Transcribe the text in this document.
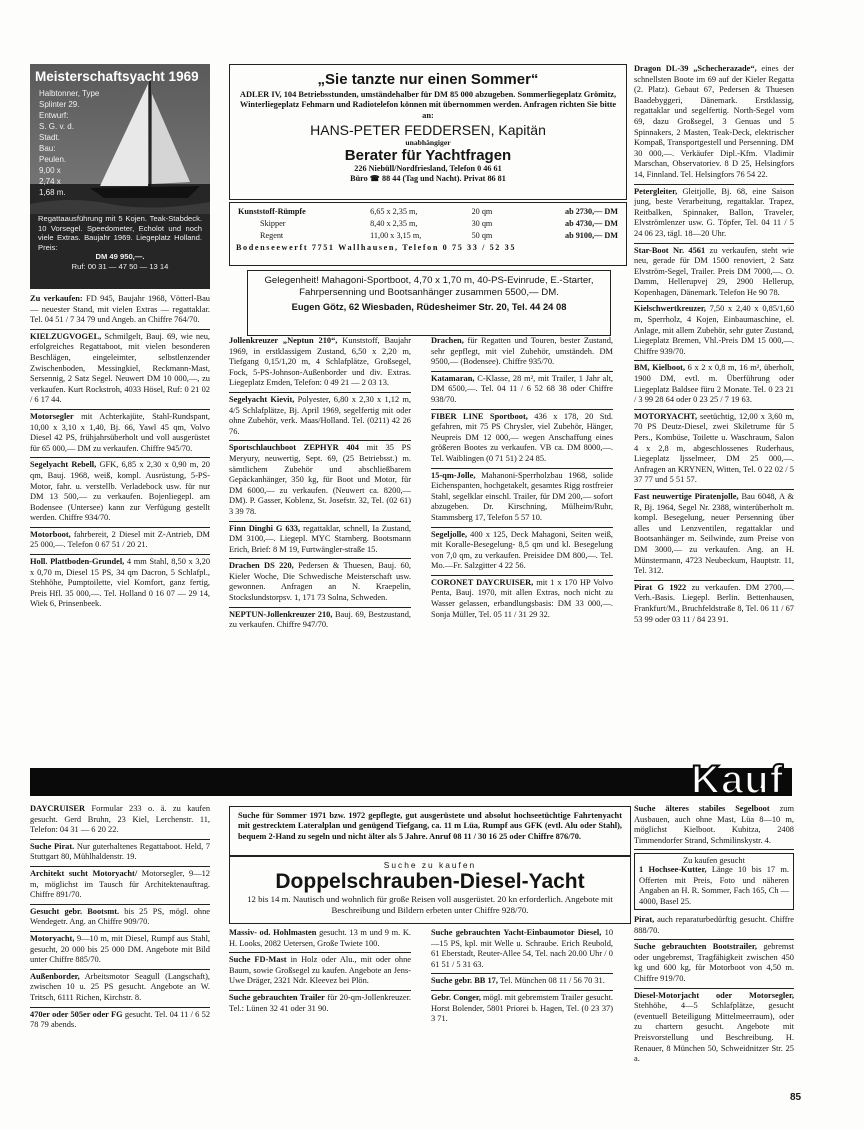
Meisterschaftsyacht 1969
Halbtonner, Type
Splinter 29.
Entwurf:
S. G. v. d.
Stadt.
Bau:
Peulen.
9,00 x
2,74 x
1,68 m.
Regattaausführung mit 5 Kojen. Teak-Stabdeck. 10 Vorsegel. Speedometer, Echolot und noch viele Extras. Baujahr 1969. Liegeplatz Holland. Preis:
DM 49 950,—.
Ruf: 00 31 — 47 50 — 13 14

Zu verkaufen: FD 945, Baujahr 1968, Vötterl-Bau — neuester Stand, mit vielen Extras — regattaklar. Tel. 04 51 / 7 34 79 und Angeb. an Chiffre 764/70.

KIELZUGVOGEL, Schmilgelt, Bauj. 69, wie neu, erfolgreiches Regattaboot, mit vielen besonderen Beschlägen, eingeleimter, selbstlenzender Zwischenboden, Messingkiel, Reckmann-Mast, Sersennig, 2 Satz Segel. Neuwert DM 10 000,—, zu verkaufen. Kurt Rockstroh, 4033 Hösel, Ruf: 0 21 02 / 6 17 44.

Motorsegler mit Achterkajüte, Stahl-Rundspant, 10,00 x 3,10 x 1,40, Bj. 66, Yawl 45 qm, Volvo Diesel 42 PS, frühjahrsüberholt und voll ausgerüstet für 65 000,— DM zu verkaufen. Chiffre 945/70.

Segelyacht Rebell, GFK, 6,85 x 2,30 x 0,90 m, 20 qm, Bauj. 1968, weiß, kompl. Ausrüstung, 5-PS-Motor, fahr. u. verstellb. Verladebock usw. für nur DM 13 500,— zu verkaufen. Bojenliegepl. am Bodensee (Untersee) kann zur Verfügung gestellt werden. Chiffre 934/70.

Motorboot, fahrbereit, 2 Diesel mit Z-Antrieb, DM 25 000,—. Telefon 0 67 51 / 20 21.

Holl. Plattboden-Grundel, 4 mm Stahl, 8,50 x 3,20 x 0,70 m, Diesel 15 PS, 34 qm Dacron, 5 Schlafpl., Stehhöhe, Pumptoilette, viel Komfort, ganz fertig, Preis Hfl. 35 000,—. Tel. Holland 0 16 07 — 29 14, Wiek 6, Prinsenbeek.

„Sie tanzte nur einen Sommer“
ADLER IV, 104 Betriebsstunden, umständehalber für DM 85 000 abzugeben. Sommerliegeplatz Grömitz, Winterliegeplatz Fehmarn und Radiotelefon können mit übernommen werden. Anfragen richten Sie bitte an:
HANS-PETER FEDDERSEN, Kapitän
unabhängiger
Berater für Yachtfragen
226 Niebüll/Nordfriesland, Telefon 0 46 61
Büro ☎ 88 44 (Tag und Nacht). Privat 86 81
Kunststoff-Rümpfe	6,65 x 2,35 m,	20 qm	ab 2730,— DM
Skipper	8,40 x 2,35 m,	30 qm	ab 4730,— DM
Regent	11,00 x 3,15 m,	50 qm	ab 9100,— DM
Bodenseewerft 7751 Wallhausen, Telefon 0 75 33 / 52 35
Gelegenheit! Mahagoni-Sportboot, 4,70 x 1,70 m, 40-PS-Evinrude, E.-Starter, Fahrpersenning und Bootsanhänger zusammen 5500,— DM.
Eugen Götz, 62 Wiesbaden, Rüdesheimer Str. 20, Tel. 44 24 08

Jollenkreuzer „Neptun 210“, Kunststoff, Baujahr 1969, in erstklassigem Zustand, 6,50 x 2,20 m, Tiefgang 0,15/1,20 m, 4 Schlafplätze, Großsegel, Fock, 5-PS-Johnson-Außenborder und div. Extras. Liegeplatz Emden, Telefon: 0 49 21 — 2 03 13.

Segelyacht Kievit, Polyester, 6,80 x 2,30 x 1,12 m, 4/5 Schlafplätze, Bj. April 1969, segelfertig mit oder ohne Zubehör, verk. Maas/Holland. Tel. (0211) 42 26 76.

Sportschlauchboot ZEPHYR 404 mit 35 PS Meryury, neuwertig, Sept. 69, (25 Betriebsst.) m. sämtlichem Zubehör und abschließbarem Gepäckanhänger, 350 kg, für Boot und Motor, für DM 6000,— zu verkaufen. (Neuwert ca. 8200,— DM). P. Gasser, Koblenz, St. Josefstr. 32, Tel. (02 61) 3 39 78.

Finn Dinghi G 633, regattaklar, schnell, Ia Zustand, DM 3100,—. Liegepl. MYC Starnberg. Bootsmann Erich, Brief: 8 M 19, Furtwängler-straße 15.

Drachen DS 220, Pedersen & Thuesen, Bauj. 60, Kieler Woche, Die Schwedische Meisterschaft usw. gewonnen. Anfragen an N. Kraepelin, Stockslundstorpsv. 1, 171 73 Solna, Schweden.

NEPTUN-Jollenkreuzer 210, Bauj. 69, Bestzustand, zu verkaufen. Chiffre 947/70.

Drachen, für Regatten und Touren, bester Zustand, sehr gepflegt, mit viel Zubehör, umständeh. DM 9500,— (Bodensee). Chiffre 935/70.

Katamaran, C-Klasse, 28 m², mit Trailer, 1 Jahr alt, DM 6500,—. Tel. 04 11 / 6 52 68 38 oder Chiffre 938/70.

FIBER LINE Sportboot, 436 x 178, 20 Std. gefahren, mit 75 PS Chrysler, viel Zubehör, Hänger, Neupreis DM 12 000,— wegen Anschaffung eines größeren Bootes zu verkaufen. VB ca. DM 8000,—. Tel. Waiblingen (0 71 51) 2 24 85.

15-qm-Jolle, Mahanoni-Sperrholzbau 1968, solide Eichenspanten, hochgetakelt, gesamtes Rigg rostfreier Stahl, segelklar einschl. Trailer, für DM 200,— sofort abzugeben. Dr. Kirschning, Mülheim/Ruhr, Stammsberg 17, Telefon 5 57 10.

Segeljolle, 400 x 125, Deck Mahagoni, Seiten weiß, mit Koralle-Besegelung- 8,5 qm und kl. Besegelung von 7,0 qm, zu verkaufen. Preisidee DM 800,—. Tel. Mo.—Fr. Salzgitter 4 22 56.

CORONET DAYCRUISER, mit 1 x 170 HP Volvo Penta, Bauj. 1970, mit allen Extras, noch nicht zu Wasser gelassen, erbandlungsbasis: DM 33 000,—. Sonja Müller, Tel. 05 11 / 31 29 32.

Dragon DL-39 „Schecherazade“, eines der schnellsten Boote im 69 auf der Kieler Regatta (2. Platz). Gebaut 67, Pedersen & Thuesen Baadebyggeri, Dänemark. Erstklassig, regattaklar und segelfertig. North-Segel vom 69, dazu Großsegel, 3 Genuas und 5 Spinnakers, 2 Masten, Teak-Deck, elektrischer Kompaß, Transportgestell und Persenning. DM 30 000,—. Verkäufer Dipl.-Kfm. Vladimir Marschan, Observatoriev. 8 D 25, Helsingfors 14, Finnland. Tel. Helsingfors 76 54 22.

Petergleiter, Gleitjolle, Bj. 68, eine Saison jung, beste Verarbeitung, regattaklar. Trapez, Reitbalken, Spinnaker, Ballon, Traveler, Elvströmlenzer usw. G. Töpfer, Tel. 04 11 / 5 24 06 23, tägl. 18—20 Uhr.

Star-Boot Nr. 4561 zu verkaufen, steht wie neu, gerade für DM 1500 renoviert, 2 Satz Elvström-Segel, Trailer. Preis DM 7000,—. O. Damm, Hellerupvej 29, 2900 Hellerup, Kopenhagen, Dänemark. Telefon He 90 78.

Kielschwertkreuzer, 7,50 x 2,40 x 0,85/1,60 m, Sperrholz, 4 Kojen, Einbaumaschine, el. Anlage, mit allem Zubehör, sehr guter Zustand, Liegeplatz Bremen, Vhl.-Preis DM 15 000,—. Chiffre 939/70.

BM, Kielboot, 6 x 2 x 0,8 m, 16 m², überholt, 1900 DM, evtl. m. Überführung oder Liegeplatz Baldsee füru 2 Monate. Tel. 0 23 21 / 3 99 28 64 oder 0 23 25 / 7 19 63.

MOTORYACHT, seetüchtig, 12,00 x 3,60 m, 70 PS Deutz-Diesel, zwei Skiletrume für 5 Pers., Kombüse, Toilette u. Waschraum, Salon 4 x 2,8 m, abgeschlossenes Ruderhaus, Liegeplatz Ijsselmeer, DM 25 000,—. Anfragen an KRYNEN, Witten, Tel. 0 22 02 / 5 37 77 und 5 51 57.

Fast neuwertige Piratenjolle, Bau 6048, A & R, Bj. 1964, Segel Nr. 2388, winterüberholt m. kompl. Besegelung, neuer Persenning über alles und Lenzventilen, regattaklar und Bootsanhänger m. Seilwinde, zum Preise von DM 3000,— zu verkaufen. Ang. an H. Münstermann, 4723 Neubeckum, Hauptstr. 11, Tel. 312.

Pirat G 1922 zu verkaufen. DM 2700,—. Verh.-Basis. Liegepl. Berlin. Bettenhausen, Frankfurt/M., Bruchfeldstraße 8, Tel. 06 11 / 67 53 99 oder 03 11 / 84 23 91.

Kauf

DAYCRUISER Formular 233 o. ä. zu kaufen gesucht. Gerd Bruhn, 23 Kiel, Lerchenstr. 11, Telefon: 04 31 — 6 20 22.

Suche Pirat. Nur guterhaltenes Regattaboot. Held, 7 Stuttgart 80, Mühlhaldenstr. 19.

Architekt sucht Motoryacht/ Motorsegler, 9—12 m, möglichst im Tausch für Architektenauftrag. Chiffre 891/70.

Gesucht gebr. Bootsmt. bis 25 PS, mögl. ohne Wendegetr. Ang. an Chiffre 909/70.

Motoryacht, 9—10 m, mit Diesel, Rumpf aus Stahl, gesucht, 20 000 bis 25 000 DM. Angebote mit Bild unter Chiffre 885/70.

Außenborder, Arbeitsmotor Seagull (Langschaft), zwischen 10 u. 25 PS gesucht. Angebote an W. Tritsch, 6111 Richen, Kirchstr. 8.

470er oder 505er oder FG gesucht. Tel. 04 11 / 6 52 78 79 abends.

Suche für Sommer 1971 bzw. 1972 gepflegte, gut ausgerüstete und absolut hochseetüchtige Fahrtenyacht mit gestrecktem Lateralplan und genügend Tiefgang, ca. 11 m Lüa, Rumpf aus GFK (evtl. Alu oder Stahl), bequem 2-Hand zu segeln und nicht älter als 5 Jahre. Anruf 08 11 / 30 16 25 oder Chiffre 876/70.
Suche zu kaufen
Doppelschrauben-Diesel-Yacht
12 bis 14 m. Nautisch und wohnlich für große Reisen voll ausgerüstet. 20 kn erforderlich. Angebote mit Beschreibung und Bildern erbeten unter Chiffre 928/70.

Massiv- od. Hohlmasten gesucht. 13 m und 9 m. K. H. Looks, 2082 Uetersen, Große Twiete 100.

Suche FD-Mast in Holz oder Alu., mit oder ohne Baum, sowie Großsegel zu kaufen. Angebote an Jens-Uwe Dräger, 2321 Ndr. Kleevez bei Plön.

Suche gebrauchten Trailer für 20-qm-Jollenkreuzer. Tel.: Lünen 32 41 oder 31 90.

Suche gebrauchten Yacht-Einbaumotor Diesel, 10—15 PS, kpl. mit Welle u. Schraube. Erich Reubold, 61 Eberstadt, Reuter-Allee 54, Tel. nach 20.00 Uhr / 0 61 51 / 5 31 63.

Suche gebr. BB 17, Tel. München 08 11 / 56 70 31.

Gebr. Conger, mögl. mit gebremstem Trailer gesucht. Horst Bolender, 5801 Priorei b. Hagen, Tel. (0 23 37) 3 71.

Suche älteres stabiles Segelboot zum Ausbauen, auch ohne Mast, Lüa 8—10 m, möglichst Kielboot. Kubitza, 2408 Timmendorfer Strand, Schmilinskystr. 4.

Zu kaufen gesucht
1 Hochsee-Kutter, Länge 10 bis 17 m. Offerten mit Preis, Foto und näheren Angaben an H. R. Sommer, Fach 165, Ch — 4000, Basel 25.

Pirat, auch reparaturbedürftig gesucht. Chiffre 888/70.

Suche gebrauchten Bootstrailer, gebremst oder ungebremst, Tragfähigkeit zwischen 450 kg und 600 kg, für Motorboot von 4,50 m. Chiffre 919/70.

Diesel-Motorjacht oder Motorsegler, Stehhöhe, 4—5 Schlafplätze, gesucht (eventuell Beteiligung Mittelmeerraum), oder zu chartern gesucht. Angebote mit Preisvorstellung und Beschreibung. H. Renauer, 8 München 50, Schweidnitzer Str. 25 a.

85
